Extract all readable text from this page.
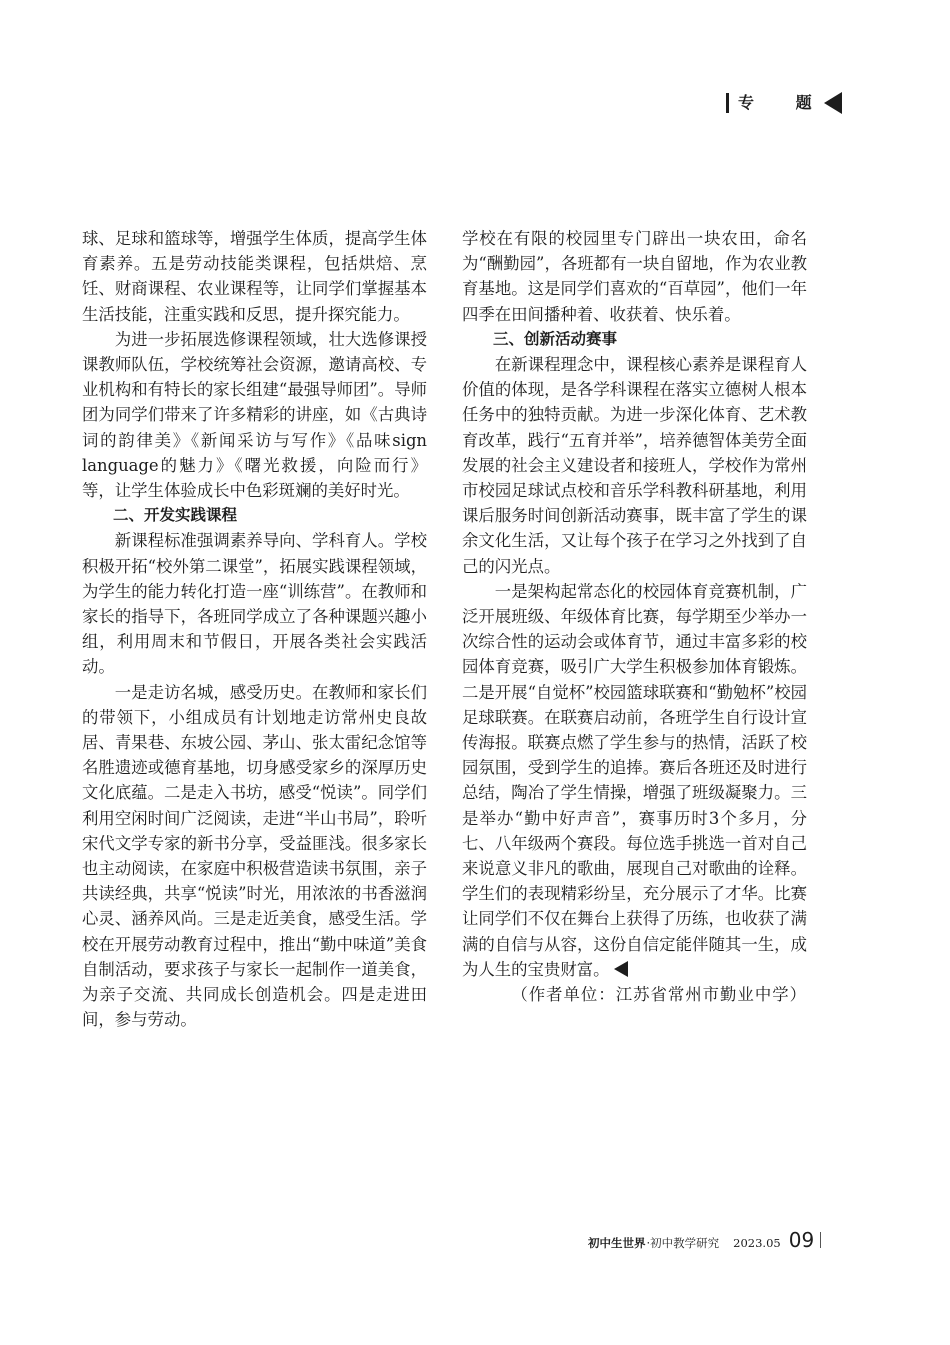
专 题

球、足球和篮球等，增强学生体质，提高学生体育素养。五是劳动技能类课程，包括烘焙、烹饪、财商课程、农业课程等，让同学们掌握基本生活技能，注重实践和反思，提升探究能力。

为进一步拓展选修课程领域，壮大选修课授课教师队伍，学校统筹社会资源，邀请高校、专业机构和有特长的家长组建“最强导师团”。导师团为同学们带来了许多精彩的讲座，如《古典诗词的韵律美》《新闻采访与写作》《品味sign language的魅力》《曙光救援，向险而行》等，让学生体验成长中色彩斑斓的美好时光。

二、开发实践课程

新课程标准强调素养导向、学科育人。学校积极开拓“校外第二课堂”，拓展实践课程领域，为学生的能力转化打造一座“训练营”。在教师和家长的指导下，各班同学成立了各种课题兴趣小组，利用周末和节假日，开展各类社会实践活动。

一是走访名城，感受历史。在教师和家长们的带领下，小组成员有计划地走访常州史良故居、青果巷、东坡公园、茅山、张太雷纪念馆等名胜遗迹或德育基地，切身感受家乡的深厚历史文化底蕴。二是走入书坊，感受“悦读”。同学们利用空闲时间广泛阅读，走进“半山书局”，聆听宋代文学专家的新书分享，受益匪浅。很多家长也主动阅读，在家庭中积极营造读书氛围，亲子共读经典，共享“悦读”时光，用浓浓的书香滋润心灵、涵养风尚。三是走近美食，感受生活。学校在开展劳动教育过程中，推出“勤中味道”美食自制活动，要求孩子与家长一起制作一道美食，为亲子交流、共同成长创造机会。四是走进田间，参与劳动。

学校在有限的校园里专门辟出一块农田，命名为“酬勤园”，各班都有一块自留地，作为农业教育基地。这是同学们喜欢的“百草园”，他们一年四季在田间播种着、收获着、快乐着。

三、创新活动赛事

在新课程理念中，课程核心素养是课程育人价值的体现，是各学科课程在落实立德树人根本任务中的独特贡献。为进一步深化体育、艺术教育改革，践行“五育并举”，培养德智体美劳全面发展的社会主义建设者和接班人，学校作为常州市校园足球试点校和音乐学科教科研基地，利用课后服务时间创新活动赛事，既丰富了学生的课余文化生活，又让每个孩子在学习之外找到了自己的闪光点。

一是架构起常态化的校园体育竞赛机制，广泛开展班级、年级体育比赛，每学期至少举办一次综合性的运动会或体育节，通过丰富多彩的校园体育竞赛，吸引广大学生积极参加体育锻炼。二是开展“自觉杯”校园篮球联赛和“勤勉杯”校园足球联赛。在联赛启动前，各班学生自行设计宣传海报。联赛点燃了学生参与的热情，活跃了校园氛围，受到学生的追捧。赛后各班还及时进行总结，陶冶了学生情操，增强了班级凝聚力。三是举办“勤中好声音”，赛事历时3个多月，分七、八年级两个赛段。每位选手挑选一首对自己来说意义非凡的歌曲，展现自己对歌曲的诠释。学生们的表现精彩纷呈，充分展示了才华。比赛让同学们不仅在舞台上获得了历练，也收获了满满的自信与从容，这份自信定能伴随其一生，成为人生的宝贵财富。

（作者单位：江苏省常州市勤业中学）

初中生世界 ·初中教学研究 2023.05 09
